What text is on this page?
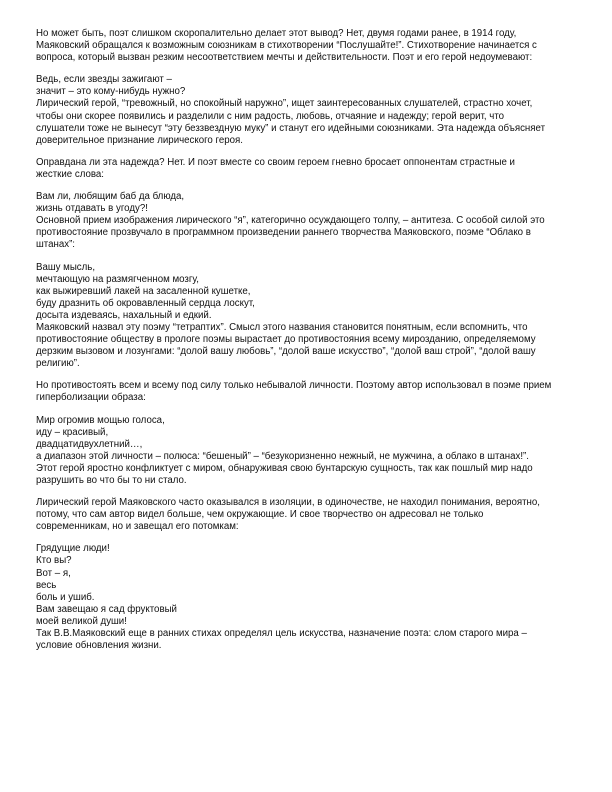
Но может быть, поэт слишком скоропалительно делает этот вывод? Нет, двумя годами ранее, в 1914 году,
Маяковский обращался к возможным союзникам в стихотворении “Послушайте!”. Стихотворение начинается с
вопроса, который вызван резким несоответствием мечты и действительности. Поэт и его герой недоумевают:
Ведь, если звезды зажигают –
значит – это кому-нибудь нужно?
Лирический герой, “тревожный, но спокойный наружно”, ищет заинтересованных слушателей, страстно хочет,
чтобы они скорее появились и разделили с ним радость, любовь, отчаяние и надежду; герой верит, что
слушатели тоже не вынесут “эту беззвездную муку” и станут его идейными союзниками. Эта надежда объясняет
доверительное признание лирического героя.
Оправдана ли эта надежда? Нет. И поэт вместе со своим героем гневно бросает оппонентам страстные и
жесткие слова:
Вам ли, любящим баб да блюда,
жизнь отдавать в угоду?!
Основной прием изображения лирического “я”, категорично осуждающего толпу, – антитеза. С особой силой это
противостояние прозвучало в программном произведении раннего творчества Маяковского, поэме “Облако в
штанах”:
Вашу мысль,
мечтающую на размягченном мозгу,
как выжиревший лакей на засаленной кушетке,
буду дразнить об окровавленный сердца лоскут,
досыта издеваясь, нахальный и едкий.
Маяковский назвал эту поэму “тетраптих”. Смысл этого названия становится понятным, если вспомнить, что
противостояние обществу в прологе поэмы вырастает до противостояния всему мирозданию, определяемому
дерзким вызовом и лозунгами: “долой вашу любовь”, “долой ваше искусство”, “долой ваш строй”, “долой вашу
религию”.
Но противостоять всем и всему под силу только небывалой личности. Поэтому автор использовал в поэме прием
гиперболизации образа:
Мир огромив мощью голоса,
иду – красивый,
двадцатидвухлетний…,
а диапазон этой личности – полюса: “бешеный” – “безукоризненно нежный, не мужчина, а облако в штанах!”.
Этот герой яростно конфликтует с миром, обнаруживая свою бунтарскую сущность, так как пошлый мир надо
разрушить во что бы то ни стало.
Лирический герой Маяковского часто оказывался в изоляции, в одиночестве, не находил понимания, вероятно,
потому, что сам автор видел больше, чем окружающие. И свое творчество он адресовал не только
современникам, но и завещал его потомкам:
Грядущие люди!
Кто вы?
Вот – я,
весь
боль и ушиб.
Вам завещаю я сад фруктовый
моей великой души!
Так В.В.Маяковский еще в ранних стихах определял цель искусства, назначение поэта: слом старого мира –
условие обновления жизни.
